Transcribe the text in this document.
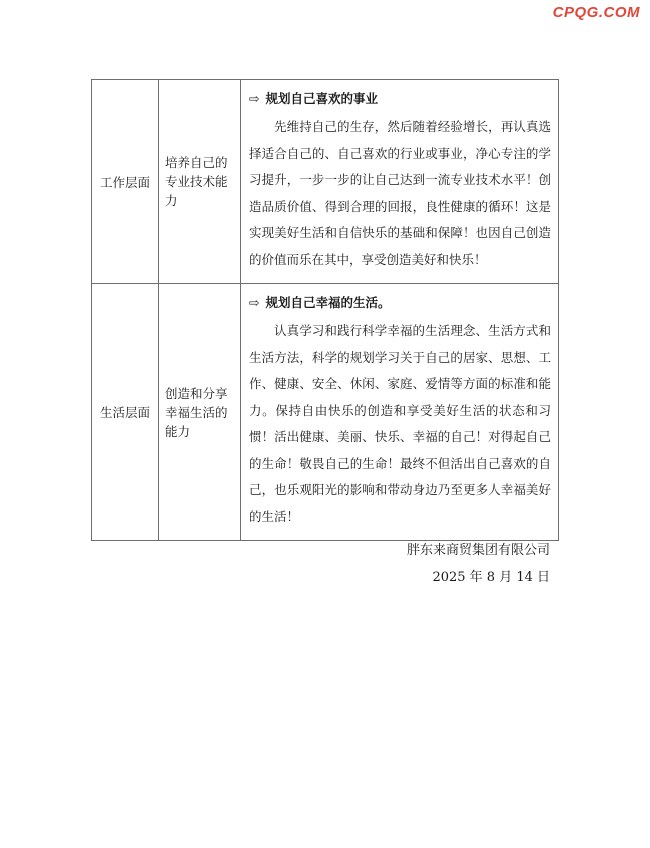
CPQG.COM
工作层面	培养自己的专业技术能力	⇨ 规划自己喜欢的事业

先维持自己的生存，然后随着经验增长，再认真选择适合自己的、自己喜欢的行业或事业，净心专注的学习提升，一步一步的让自己达到一流专业技术水平！创造品质价值、得到合理的回报，良性健康的循环！这是实现美好生活和自信快乐的基础和保障！也因自己创造的价值而乐在其中，享受创造美好和快乐！

生活层面	创造和分享幸福生活的能力	⇨ 规划自己幸福的生活。

认真学习和践行科学幸福的生活理念、生活方式和生活方法，科学的规划学习关于自己的居家、思想、工作、健康、安全、休闲、家庭、爱情等方面的标准和能力。保持自由快乐的创造和享受美好生活的状态和习惯！活出健康、美丽、快乐、幸福的自己！对得起自己的生命！敬畏自己的生命！最终不但活出自己喜欢的自己，也乐观阳光的影响和带动身边乃至更多人幸福美好的生活！

胖东来商贸集团有限公司
2025 年 8 月 14 日
